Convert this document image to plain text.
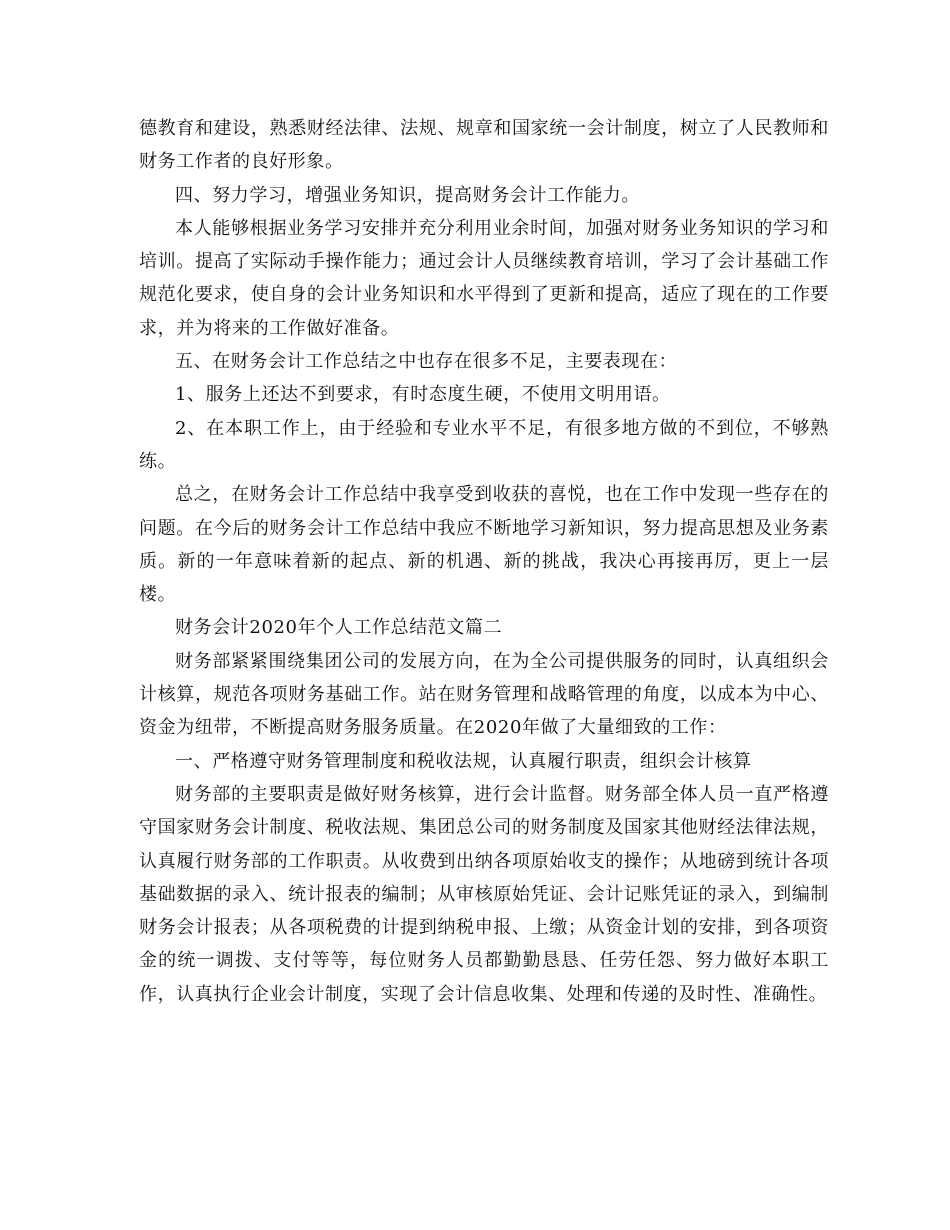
德教育和建设，熟悉财经法律、法规、规章和国家统一会计制度，树立了人民教师和财务工作者的良好形象。

四、努力学习，增强业务知识，提高财务会计工作能力。

本人能够根据业务学习安排并充分利用业余时间，加强对财务业务知识的学习和培训。提高了实际动手操作能力；通过会计人员继续教育培训，学习了会计基础工作规范化要求，使自身的会计业务知识和水平得到了更新和提高，适应了现在的工作要求，并为将来的工作做好准备。

五、在财务会计工作总结之中也存在很多不足，主要表现在：

1、服务上还达不到要求，有时态度生硬，不使用文明用语。

2、在本职工作上，由于经验和专业水平不足，有很多地方做的不到位，不够熟练。

总之，在财务会计工作总结中我享受到收获的喜悦，也在工作中发现一些存在的问题。在今后的财务会计工作总结中我应不断地学习新知识，努力提高思想及业务素质。新的一年意味着新的起点、新的机遇、新的挑战，我决心再接再厉，更上一层楼。

财务会计2020年个人工作总结范文篇二

财务部紧紧围绕集团公司的发展方向，在为全公司提供服务的同时，认真组织会计核算，规范各项财务基础工作。站在财务管理和战略管理的角度，以成本为中心、资金为纽带，不断提高财务服务质量。在2020年做了大量细致的工作：

一、严格遵守财务管理制度和税收法规，认真履行职责，组织会计核算

财务部的主要职责是做好财务核算，进行会计监督。财务部全体人员一直严格遵守国家财务会计制度、税收法规、集团总公司的财务制度及国家其他财经法律法规，认真履行财务部的工作职责。从收费到出纳各项原始收支的操作；从地磅到统计各项基础数据的录入、统计报表的编制；从审核原始凭证、会计记账凭证的录入，到编制财务会计报表；从各项税费的计提到纳税申报、上缴；从资金计划的安排，到各项资金的统一调拨、支付等等，每位财务人员都勤勤恳恳、任劳任怨、努力做好本职工作，认真执行企业会计制度，实现了会计信息收集、处理和传递的及时性、准确性。
